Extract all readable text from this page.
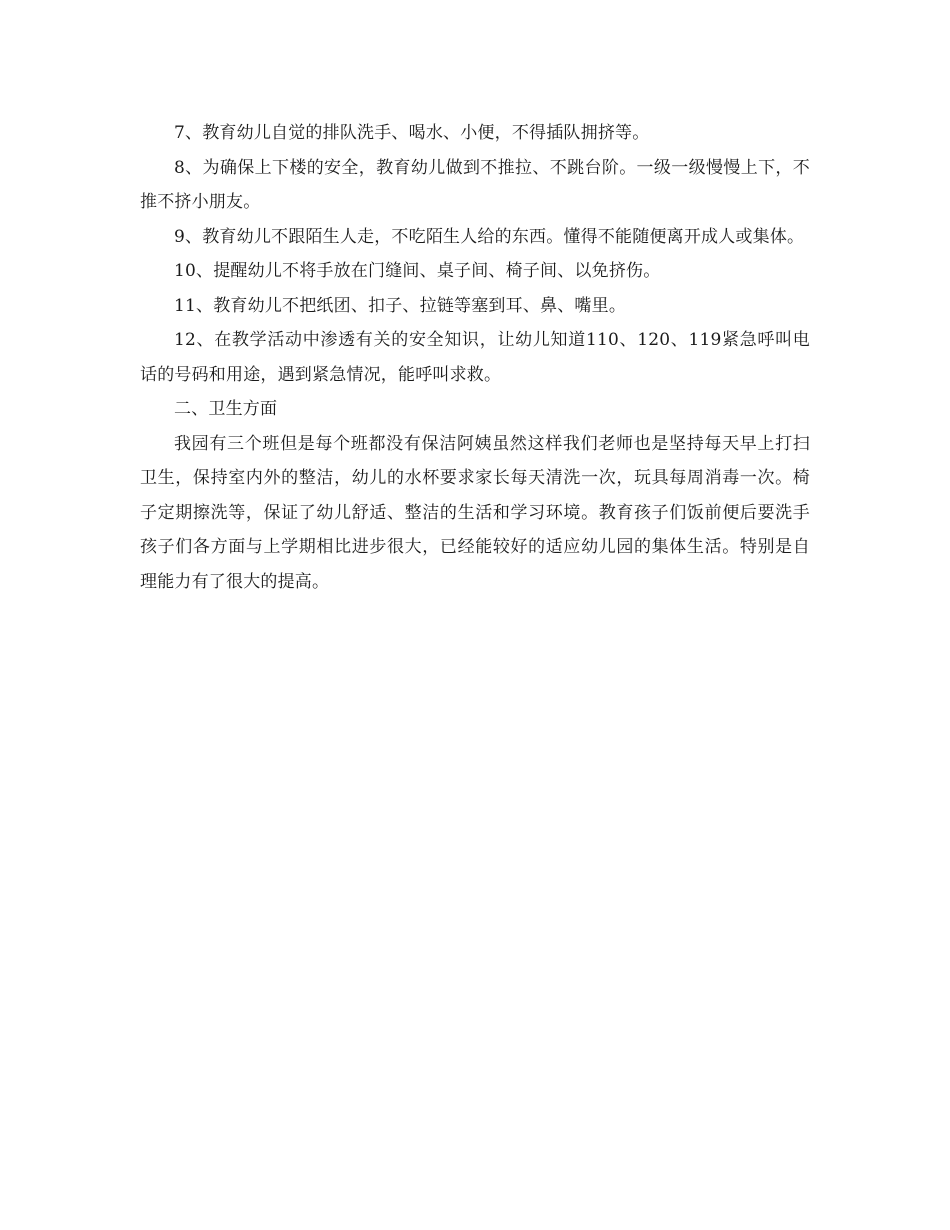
7、教育幼儿自觉的排队洗手、喝水、小便，不得插队拥挤等。

8、为确保上下楼的安全，教育幼儿做到不推拉、不跳台阶。一级一级慢慢上下，不推不挤小朋友。

9、教育幼儿不跟陌生人走，不吃陌生人给的东西。懂得不能随便离开成人或集体。

10、提醒幼儿不将手放在门缝间、桌子间、椅子间、以免挤伤。

11、教育幼儿不把纸团、扣子、拉链等塞到耳、鼻、嘴里。

12、在教学活动中渗透有关的安全知识，让幼儿知道110、120、119紧急呼叫电话的号码和用途，遇到紧急情况，能呼叫求救。

二、卫生方面

我园有三个班但是每个班都没有保洁阿姨虽然这样我们老师也是坚持每天早上打扫卫生，保持室内外的整洁，幼儿的水杯要求家长每天清洗一次，玩具每周消毒一次。椅子定期擦洗等，保证了幼儿舒适、整洁的生活和学习环境。教育孩子们饭前便后要洗手孩子们各方面与上学期相比进步很大，已经能较好的适应幼儿园的集体生活。特别是自理能力有了很大的提高。
